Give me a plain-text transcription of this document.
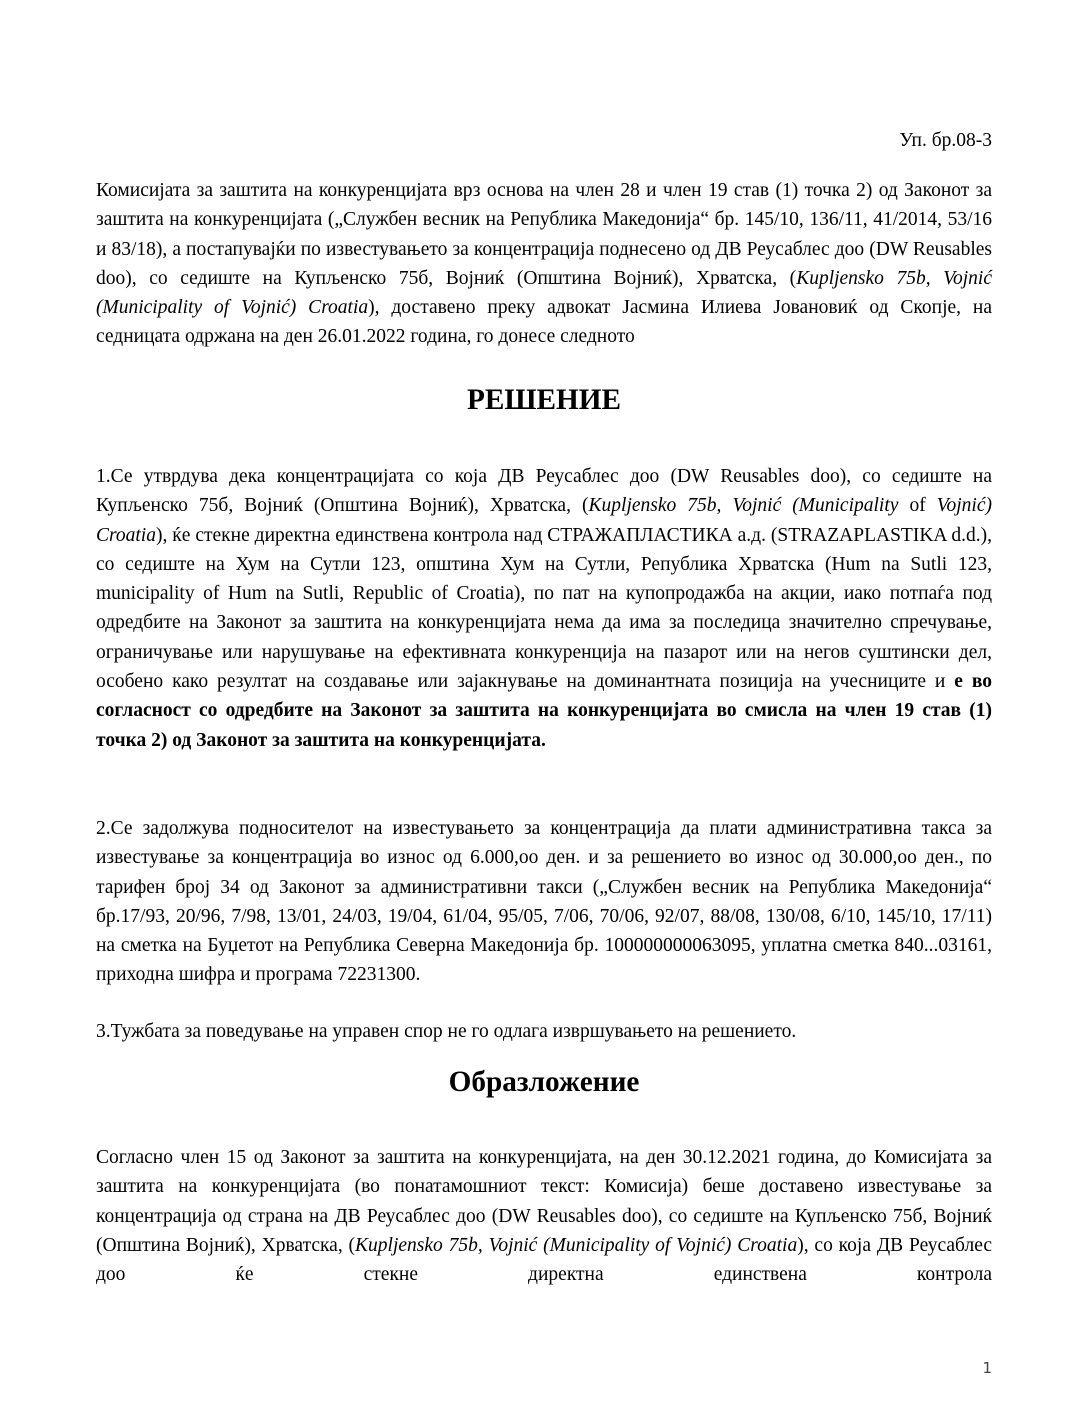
Уп. бр.08-3

Комисијата за заштита на конкуренцијата врз основа на член 28 и член 19 став (1) точка 2) од Законот за заштита на конкуренцијата („Службен весник на Република Македонија“ бр. 145/10, 136/11, 41/2014, 53/16 и 83/18), а постапувајќи по известувањето за концентрација поднесено од ДВ Реусаблес доо (DW Reusables doo), со седиште на Купљенско 75б, Војниќ (Општина Војниќ), Хрватска, (Kupljensko 75b, Vojnić (Municipality of Vojnić) Croatia), доставено преку адвокат Јасмина Илиева Јовановиќ од Скопје, на седницата одржана на ден 26.01.2022 година, го донесе следното

РЕШЕНИЕ

1.Се утврдува дека концентрацијата со која ДВ Реусаблес доо (DW Reusables doo), со седиште на Купљенско 75б, Војниќ (Општина Војниќ), Хрватска, (Kupljensko 75b, Vojnić (Municipality of Vojnić) Croatia), ќе стекне директна единствена контрола над СТРАЖАПЛАСТИКА а.д. (STRAZAPLASTIKA d.d.), со седиште на Хум на Сутли 123, општина Хум на Сутли, Република Хрватска (Hum na Sutli 123, municipality of Hum na Sutli, Republic of Croatia), по пат на купопродажба на акции, иако потпаѓа под одредбите на Законот за заштита на конкуренцијата нема да има за последица значително спречување, ограничување или нарушување на ефективната конкуренција на пазарот или на негов суштински дел, особено како резултат на создавање или зајакнување на доминантната позиција на учесниците и е во согласност со одредбите на Законот за заштита на конкуренцијата во смисла на член 19 став (1) точка 2) од Законот за заштита на конкуренцијата.

2.Се задолжува подносителот на известувањето за концентрација да плати административна такса за известување за концентрација во износ од 6.000,оо ден. и за решението во износ од 30.000,оо ден., по тарифен број 34 од Законот за административни такси („Службен весник на Република Македонија“ бр.17/93, 20/96, 7/98, 13/01, 24/03, 19/04, 61/04, 95/05, 7/06, 70/06, 92/07, 88/08, 130/08, 6/10, 145/10, 17/11) на сметка на Буџетот на Република Северна Македонија бр. 100000000063095, уплатна сметка 840...03161, приходна шифра и програма 72231300.

3.Тужбата за поведување на управен спор не го одлага извршувањето на решението.

Образложение

Согласно член 15 од Законот за заштита на конкуренцијата, на ден 30.12.2021 година, до Комисијата за заштита на конкуренцијата (во понатамошниот текст: Комисија) беше доставено известување за концентрација од страна на ДВ Реусаблес доо (DW Reusables doo), со седиште на Купљенско 75б, Војниќ (Општина Војниќ), Хрватска, (Kupljensko 75b, Vojnić (Municipality of Vojnić) Croatia), со која ДВ Реусаблес доо ќе стекне директна единствена контрола

1
